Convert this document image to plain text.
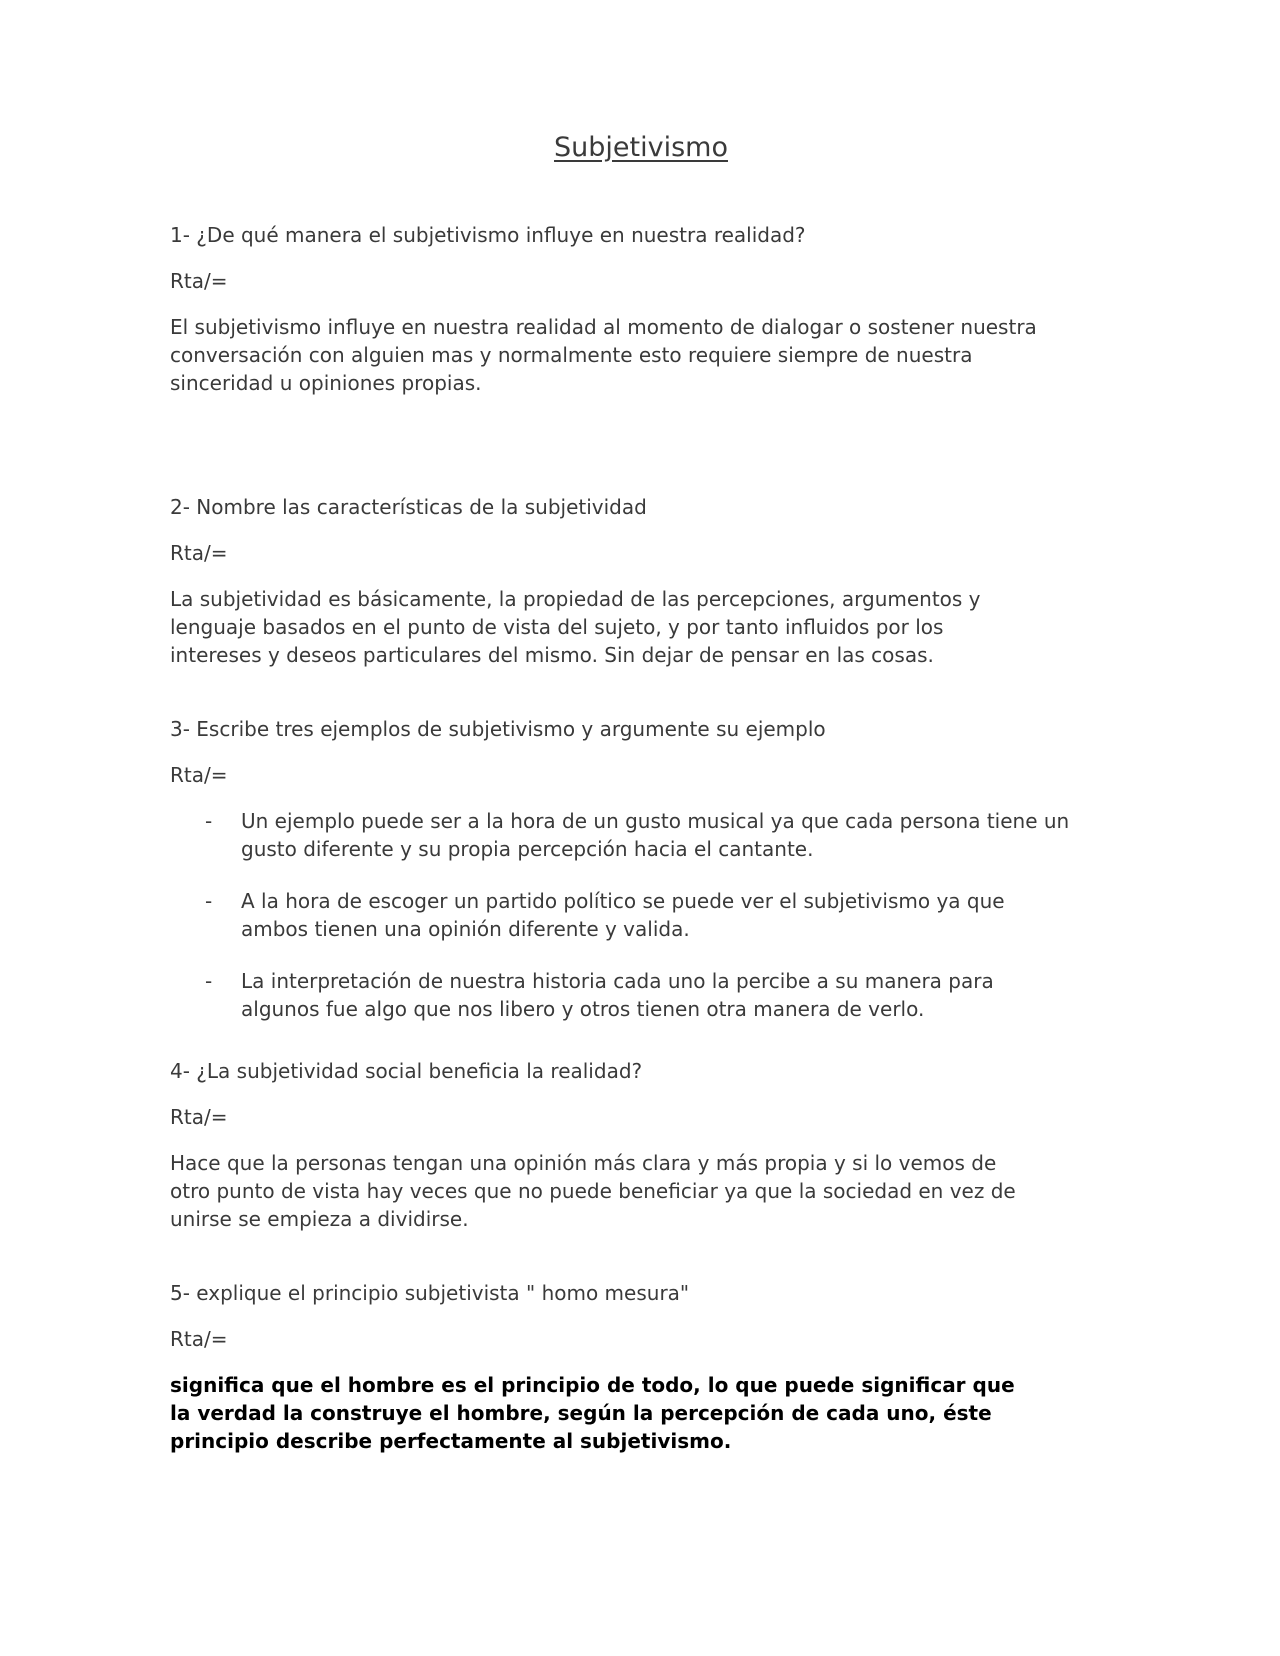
Subjetivismo

1- ¿De qué manera el subjetivismo influye en nuestra realidad?

Rta/=

El subjetivismo influye en nuestra realidad al momento de dialogar o sostener nuestra conversación con alguien mas y normalmente esto requiere siempre de nuestra sinceridad u opiniones propias.

2- Nombre las características de la subjetividad

Rta/=

La subjetividad es básicamente, la propiedad de las percepciones, argumentos y lenguaje basados en el punto de vista del sujeto, y por tanto influidos por los intereses y deseos particulares del mismo. Sin dejar de pensar en las cosas.

3- Escribe tres ejemplos de subjetivismo y argumente su ejemplo

Rta/=

-	Un ejemplo puede ser a la hora de un gusto musical ya que cada persona tiene un gusto diferente y su propia percepción hacia el cantante.
-	A la hora de escoger un partido político se puede ver el subjetivismo ya que ambos tienen una opinión diferente y valida.
-	La interpretación de nuestra historia cada uno la percibe a su manera para algunos fue algo que nos libero y otros tienen otra manera de verlo.

4- ¿La subjetividad social beneficia la realidad?

Rta/=

Hace que la personas tengan una opinión más clara y más propia y si lo vemos de otro punto de vista hay veces que no puede beneficiar ya que la sociedad en vez de unirse se empieza a dividirse.

5- explique el principio subjetivista " homo mesura"

Rta/=

significa que el hombre es el principio de todo, lo que puede significar que la verdad la construye el hombre, según la percepción de cada uno, éste principio describe perfectamente al subjetivismo.
